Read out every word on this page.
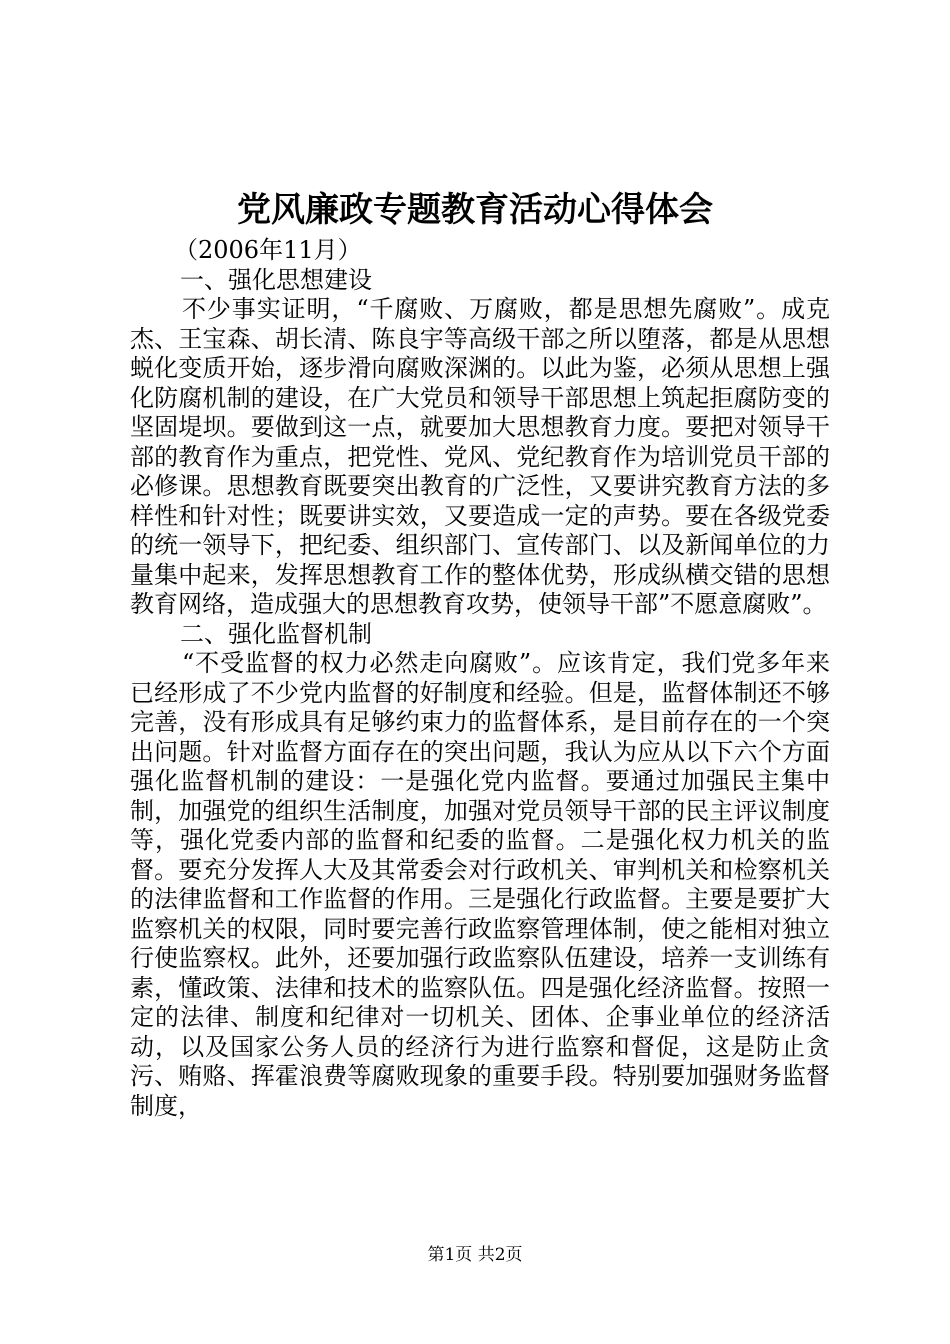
党风廉政专题教育活动心得体会

（2006年11月）

一、强化思想建设

不少事实证明，“千腐败、万腐败，都是思想先腐败”。成克杰、王宝森、胡长清、陈良宇等高级干部之所以堕落，都是从思想蜕化变质开始，逐步滑向腐败深渊的。以此为鉴，必须从思想上强化防腐机制的建设，在广大党员和领导干部思想上筑起拒腐防变的坚固堤坝。要做到这一点，就要加大思想教育力度。要把对领导干部的教育作为重点，把党性、党风、党纪教育作为培训党员干部的必修课。思想教育既要突出教育的广泛性，又要讲究教育方法的多样性和针对性；既要讲实效，又要造成一定的声势。要在各级党委的统一领导下，把纪委、组织部门、宣传部门、以及新闻单位的力量集中起来，发挥思想教育工作的整体优势，形成纵横交错的思想教育网络，造成强大的思想教育攻势，使领导干部”不愿意腐败”。

二、强化监督机制

“不受监督的权力必然走向腐败”。应该肯定，我们党多年来已经形成了不少党内监督的好制度和经验。但是，监督体制还不够完善，没有形成具有足够约束力的监督体系，是目前存在的一个突出问题。针对监督方面存在的突出问题，我认为应从以下六个方面强化监督机制的建设：一是强化党内监督。要通过加强民主集中制，加强党的组织生活制度，加强对党员领导干部的民主评议制度等，强化党委内部的监督和纪委的监督。二是强化权力机关的监督。要充分发挥人大及其常委会对行政机关、审判机关和检察机关的法律监督和工作监督的作用。三是强化行政监督。主要是要扩大监察机关的权限，同时要完善行政监察管理体制，使之能相对独立行使监察权。此外，还要加强行政监察队伍建设，培养一支训练有素，懂政策、法律和技术的监察队伍。四是强化经济监督。按照一定的法律、制度和纪律对一切机关、团体、企事业单位的经济活动，以及国家公务人员的经济行为进行监察和督促，这是防止贪污、贿赂、挥霍浪费等腐败现象的重要手段。特别要加强财务监督制度，

第1页 共2页
